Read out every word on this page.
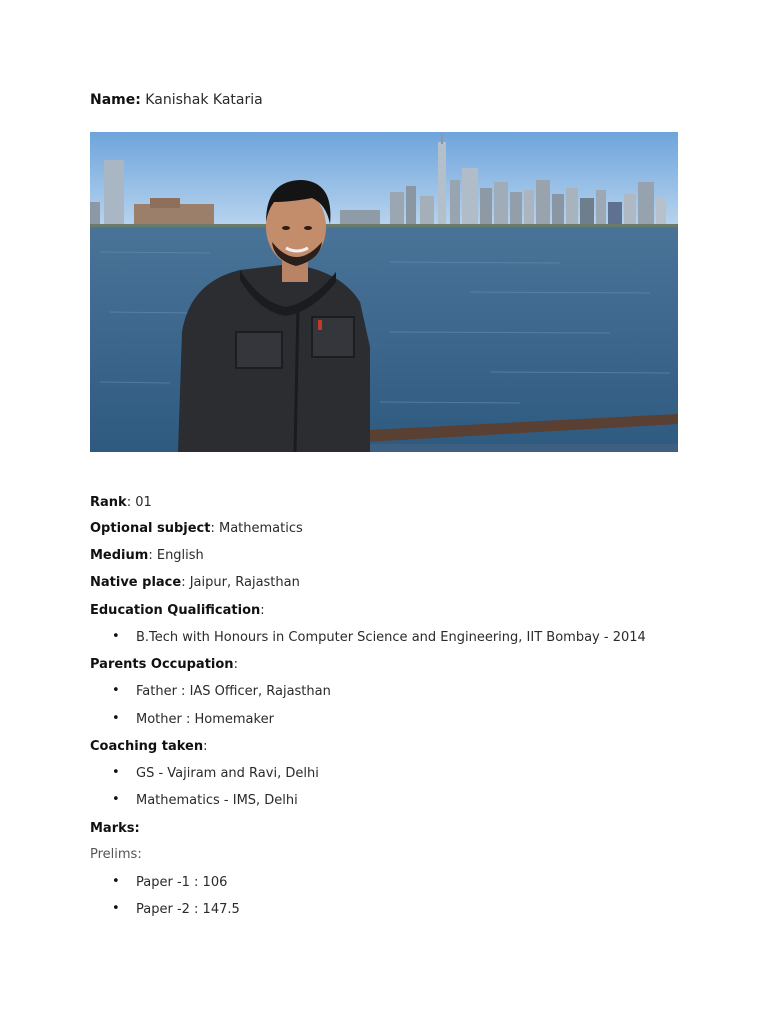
Name: Kanishak Kataria
Rank: 01
Optional subject: Mathematics
Medium: English
Native place: Jaipur, Rajasthan
Education Qualification:
• B.Tech with Honours in Computer Science and Engineering, IIT Bombay - 2014
Parents Occupation:
• Father : IAS Officer, Rajasthan
• Mother : Homemaker
Coaching taken:
• GS - Vajiram and Ravi, Delhi
• Mathematics - IMS, Delhi
Marks:
Prelims:
• Paper -1 : 106
• Paper -2 : 147.5
